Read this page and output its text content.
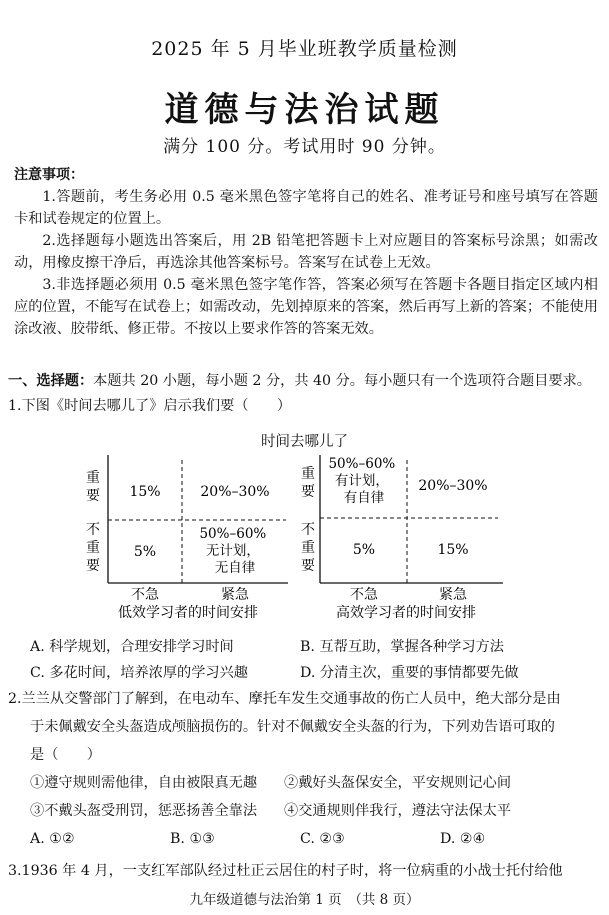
2025 年 5 月毕业班教学质量检测
道德与法治试题
满分 100 分。考试用时 90 分钟。
注意事项：
1.答题前，考生务必用 0.5 毫米黑色签字笔将自己的姓名、准考证号和座号填写在答题卡和试卷规定的位置上。
2.选择题每小题选出答案后，用 2B 铅笔把答题卡上对应题目的答案标号涂黑；如需改动，用橡皮擦干净后，再选涂其他答案标号。答案写在试卷上无效。
3.非选择题必须用 0.5 毫米黑色签字笔作答，答案必须写在答题卡各题目指定区域内相应的位置，不能写在试卷上；如需改动，先划掉原来的答案，然后再写上新的答案；不能使用涂改液、胶带纸、修正带。不按以上要求作答的答案无效。
一、选择题：本题共 20 小题，每小题 2 分，共 40 分。每小题只有一个选项符合题目要求。
1.下图《时间去哪儿了》启示我们要（　　）
时间去哪儿了
重要
不重要
15%	20%–30%
5%
50%–60% 无计划， 无自律
不急	紧急
低效学习者的时间安排
重要
不重要
50%–60% 有计划， 有自律
20%–30%
5%	15%
不急	紧急
高效学习者的时间安排
A. 科学规划，合理安排学习时间	B. 互帮互助，掌握各种学习方法
C. 多花时间，培养浓厚的学习兴趣	D. 分清主次，重要的事情都要先做
2.兰兰从交警部门了解到，在电动车、摩托车发生交通事故的伤亡人员中，绝大部分是由
于未佩戴安全头盔造成颅脑损伤的。针对不佩戴安全头盔的行为，下列劝告语可取的
是（　　）
①遵守规则需他律，自由被限真无趣 ②戴好头盔保安全，平安规则记心间
③不戴头盔受刑罚，惩恶扬善全靠法 ④交通规则伴我行，遵法守法保太平
A. ①②	B. ①③	C. ②③	D. ②④
3.1936 年 4 月，一支红军部队经过杜正云居住的村子时，将一位病重的小战士托付给他
九年级道德与法治第 1 页　（共 8 页）
